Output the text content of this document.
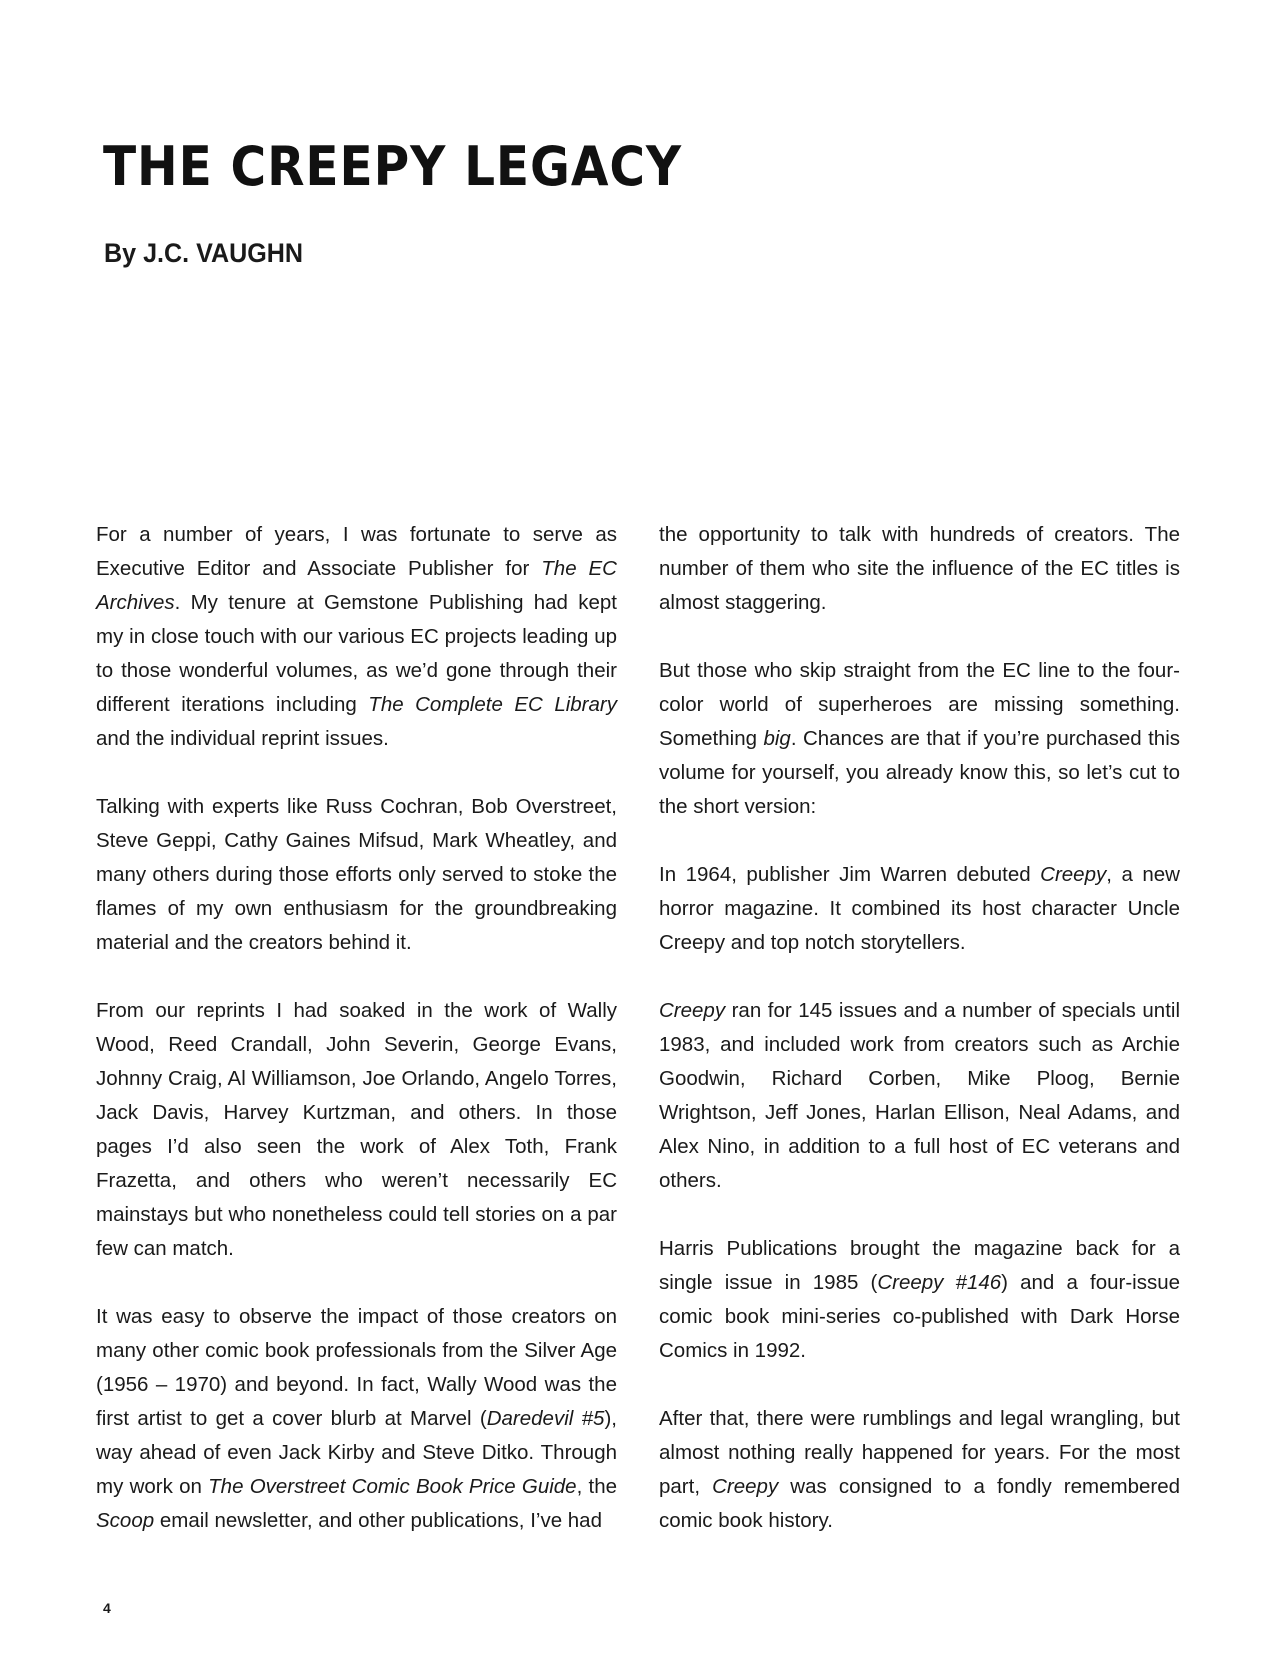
THE CREEPY LEGACY
By J.C. VAUGHN

For a number of years, I was fortunate to serve as Executive Editor and Associate Publisher for The EC Archives. My tenure at Gemstone Publishing had kept my in close touch with our various EC projects leading up to those wonderful volumes, as we’d gone through their different iterations including The Complete EC Library and the individual reprint issues.

Talking with experts like Russ Cochran, Bob Overstreet, Steve Geppi, Cathy Gaines Mifsud, Mark Wheatley, and many others during those efforts only served to stoke the flames of my own enthusiasm for the groundbreaking material and the creators behind it.

From our reprints I had soaked in the work of Wally Wood, Reed Crandall, John Severin, George Evans, Johnny Craig, Al Williamson, Joe Orlando, Angelo Torres, Jack Davis, Harvey Kurtzman, and others. In those pages I’d also seen the work of Alex Toth, Frank Frazetta, and others who weren’t necessarily EC mainstays but who nonetheless could tell stories on a par few can match.

It was easy to observe the impact of those creators on many other comic book professionals from the Silver Age (1956 – 1970) and beyond. In fact, Wally Wood was the first artist to get a cover blurb at Marvel (Daredevil #5), way ahead of even Jack Kirby and Steve Ditko. Through my work on The Overstreet Comic Book Price Guide, the Scoop email newsletter, and other publications, I’ve had

the opportunity to talk with hundreds of creators. The number of them who site the influence of the EC titles is almost staggering.

But those who skip straight from the EC line to the four-color world of superheroes are missing something. Something big. Chances are that if you’re purchased this volume for yourself, you already know this, so let’s cut to the short version:

In 1964, publisher Jim Warren debuted Creepy, a new horror magazine. It combined its host character Uncle Creepy and top notch storytellers.

Creepy ran for 145 issues and a number of specials until 1983, and included work from creators such as Archie Goodwin, Richard Corben, Mike Ploog, Bernie Wrightson, Jeff Jones, Harlan Ellison, Neal Adams, and Alex Nino, in addition to a full host of EC veterans and others.

Harris Publications brought the magazine back for a single issue in 1985 (Creepy #146) and a four-issue comic book mini-series co-published with Dark Horse Comics in 1992.

After that, there were rumblings and legal wrangling, but almost nothing really happened for years. For the most part, Creepy was consigned to a fondly remembered comic book history.

4
